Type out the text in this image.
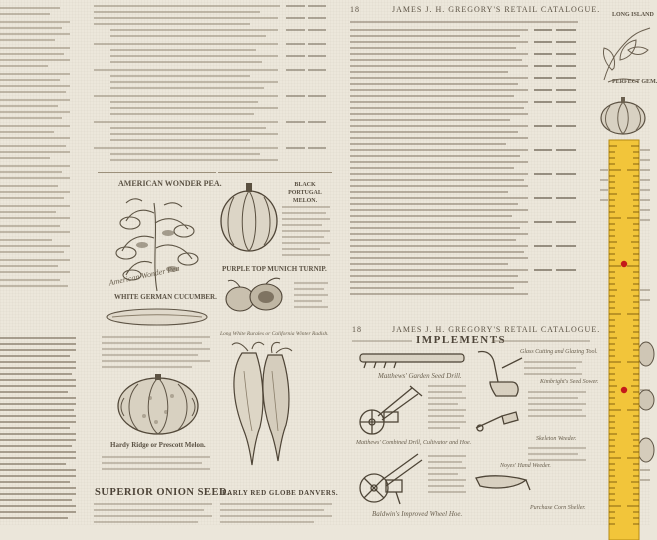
JAMES J. H. GREGORY'S RETAIL CATALOGUE.
18
LONG ISLAND
PERFECT GEM.
AMERICAN WONDER PEA.
American Wonder Pea
WHITE GERMAN CUCUMBER.
Hardy Ridge or Prescott Melon.
BLACK PORTUGAL MELON.
PURPLE TOP MUNICH TURNIP.
Long White Rurales or California Winter Radish.	18	JAMES J. H. GREGORY'S RETAIL CATALOGUE.
IMPLEMENTS
Matthews' Garden Seed Drill.
Matthews' Combined Drill, Cultivator and Hoe.
Baldwin's Improved Wheel Hoe.
Glass Cutting and Glazing Tool.
Kimbright's Seed Sower.
Skeleton Weeder.
Noyes' Hand Weeder.
Purchase Corn Sheller.
SUPERIOR ONION SEED.
EARLY RED GLOBE DANVERS.
